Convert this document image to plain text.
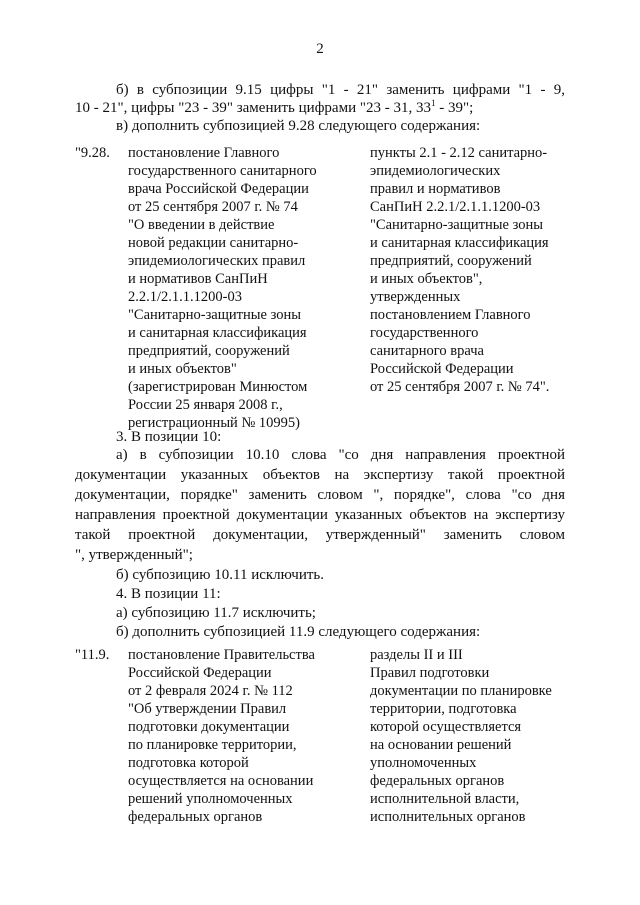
2
б) в субпозиции 9.15 цифры "1 - 21" заменить цифрами "1 - 9,
10 - 21", цифры "23 - 39" заменить цифрами "23 - 31, $33^1 - 39$";
в) дополнить субпозицией 9.28 следующего содержания:
"9.28.	постановление Главного
государственного санитарного
врача Российской Федерации
от 25 сентября 2007 г. № 74
"О введении в действие
новой редакции санитарно-
эпидемиологических правил
и нормативов СанПиН
2.2.1/2.1.1.1200-03
"Санитарно-защитные зоны
и санитарная классификация
предприятий, сооружений
и иных объектов"
(зарегистрирован Минюстом
России 25 января 2008 г.,
регистрационный № 10995)
пункты 2.1 - 2.12 санитарно-
эпидемиологических
правил и нормативов
СанПиН 2.2.1/2.1.1.1200-03
"Санитарно-защитные зоны
и санитарная классификация
предприятий, сооружений
и иных объектов",
утвержденных
постановлением Главного
государственного
санитарного врача
Российской Федерации
от 25 сентября 2007 г. № 74".
3. В позиции 10:
а) в субпозиции 10.10 слова "со дня направления проектной
документации указанных объектов на экспертизу такой проектной
документации, порядке" заменить словом ", порядке", слова "со дня
направления проектной документации указанных объектов на экспертизу
такой проектной документации, утвержденный" заменить словом
", утвержденный";
б) субпозицию 10.11 исключить.
4. В позиции 11:
а) субпозицию 11.7 исключить;
б) дополнить субпозицией 11.9 следующего содержания:
"11.9.	постановление Правительства
Российской Федерации
от 2 февраля 2024 г. № 112
"Об утверждении Правил
подготовки документации
по планировке территории,
подготовка которой
осуществляется на основании
решений уполномоченных
федеральных органов
разделы II и III
Правил подготовки
документации по планировке
территории, подготовка
которой осуществляется
на основании решений
уполномоченных
федеральных органов
исполнительной власти,
исполнительных органов
